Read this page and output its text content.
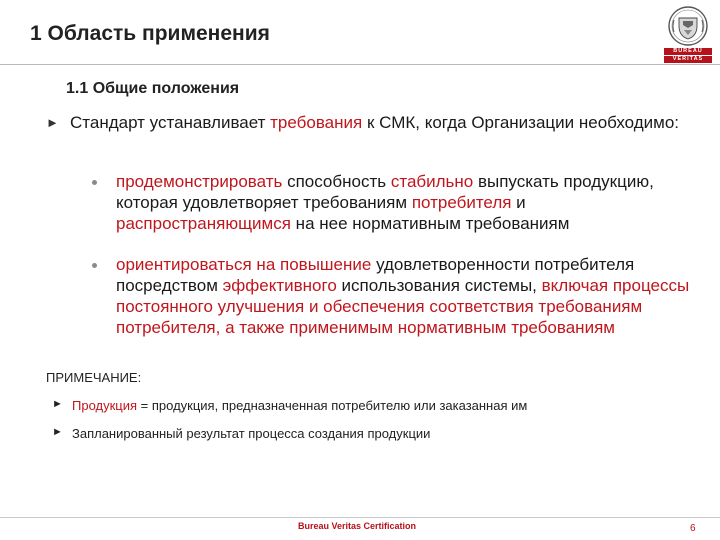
1 Область применения
BUREAU
VERITAS
1.1 Общие положения
► Стандарт устанавливает требования к СМК, когда Организации необходимо:
продемонстрировать способность стабильно выпускать продукцию, которая удовлетворяет требованиям потребителя и распространяющимся на нее нормативным требованиям
ориентироваться на повышение удовлетворенности потребителя посредством эффективного использования системы, включая процессы постоянного улучшения и обеспечения соответствия требованиям потребителя, а также применимым нормативным требованиям
ПРИМЕЧАНИЕ:
► Продукция = продукция, предназначенная потребителю или заказанная им
► Запланированный результат процесса создания продукции
Bureau Veritas Certification	6
